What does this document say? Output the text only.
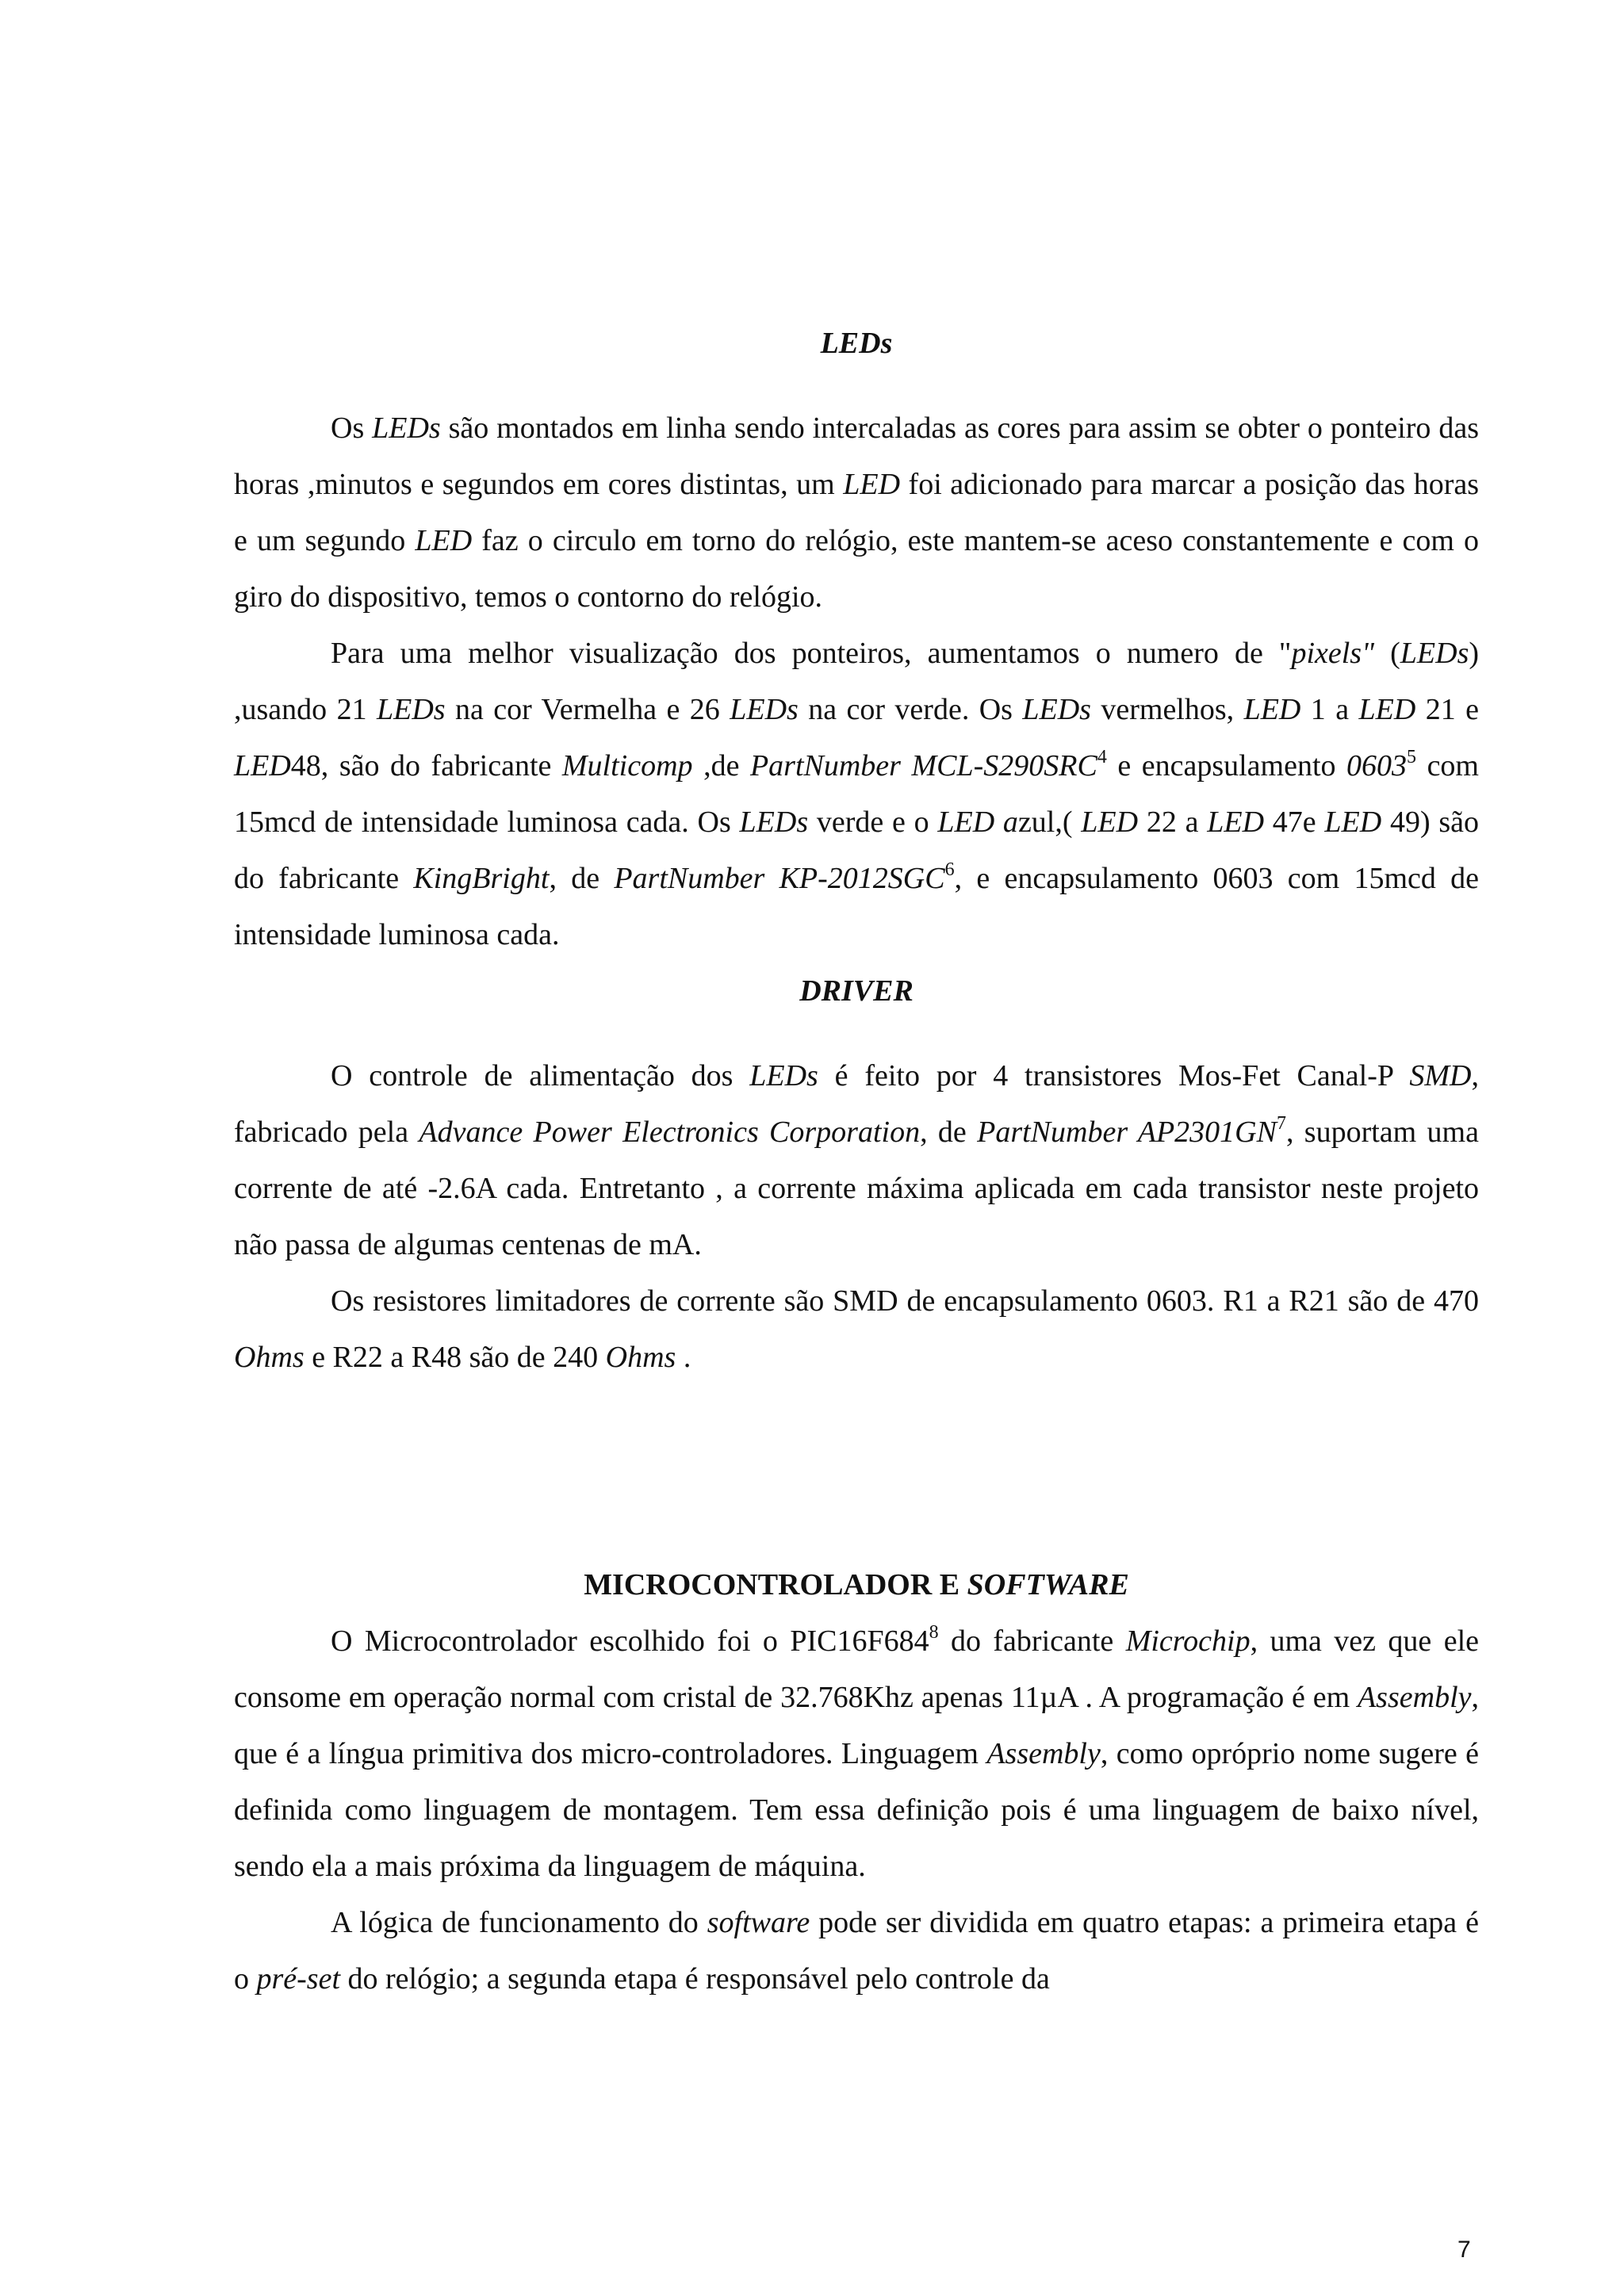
LEDs

Os LEDs são montados em linha sendo intercaladas as cores para assim se obter o ponteiro das horas ,minutos e segundos em cores distintas, um LED foi adicionado para marcar a posição das horas e um segundo LED faz o circulo em torno do relógio, este mantem-se aceso constantemente e com o giro do dispositivo, temos o contorno do relógio.

Para uma melhor visualização dos ponteiros, aumentamos o numero de "pixels" (LEDs) ,usando 21 LEDs na cor Vermelha e 26 LEDs na cor verde. Os LEDs vermelhos, LED 1 a LED 21 e LED48, são do fabricante Multicomp ,de PartNumber MCL-S290SRC$^4$ e encapsulamento 0603$^5$ com 15mcd de intensidade luminosa cada. Os LEDs verde e o LED azul,( LED 22 a LED 47e LED 49) são do fabricante KingBright, de PartNumber KP-2012SGC$^6$, e encapsulamento 0603 com 15mcd de intensidade luminosa cada.

DRIVER

O controle de alimentação dos LEDs é feito por 4 transistores Mos-Fet Canal-P SMD, fabricado pela Advance Power Electronics Corporation, de PartNumber $AP2301GN^7$, suportam uma corrente de até -2.6A cada. Entretanto , a corrente máxima aplicada em cada transistor neste projeto não passa de algumas centenas de mA.

Os resistores limitadores de corrente são SMD de encapsulamento 0603. R1 a R21 são de 470 Ohms e R22 a R48 são de 240 Ohms .

MICROCONTROLADOR E SOFTWARE

O Microcontrolador escolhido foi o $PIC16F684^8$ do fabricante Microchip, uma vez que ele consome em operação normal com cristal de 32.768Khz apenas 11µA . A programação é em Assembly, que é a língua primitiva dos micro-controladores. Linguagem Assembly, como opróprio nome sugere é definida como linguagem de montagem. Tem essa definição pois é uma linguagem de baixo nível, sendo ela a mais próxima da linguagem de máquina.

A lógica de funcionamento do software pode ser dividida em quatro etapas: a primeira etapa é o pré-set do relógio; a segunda etapa é responsável pelo controle da

7
